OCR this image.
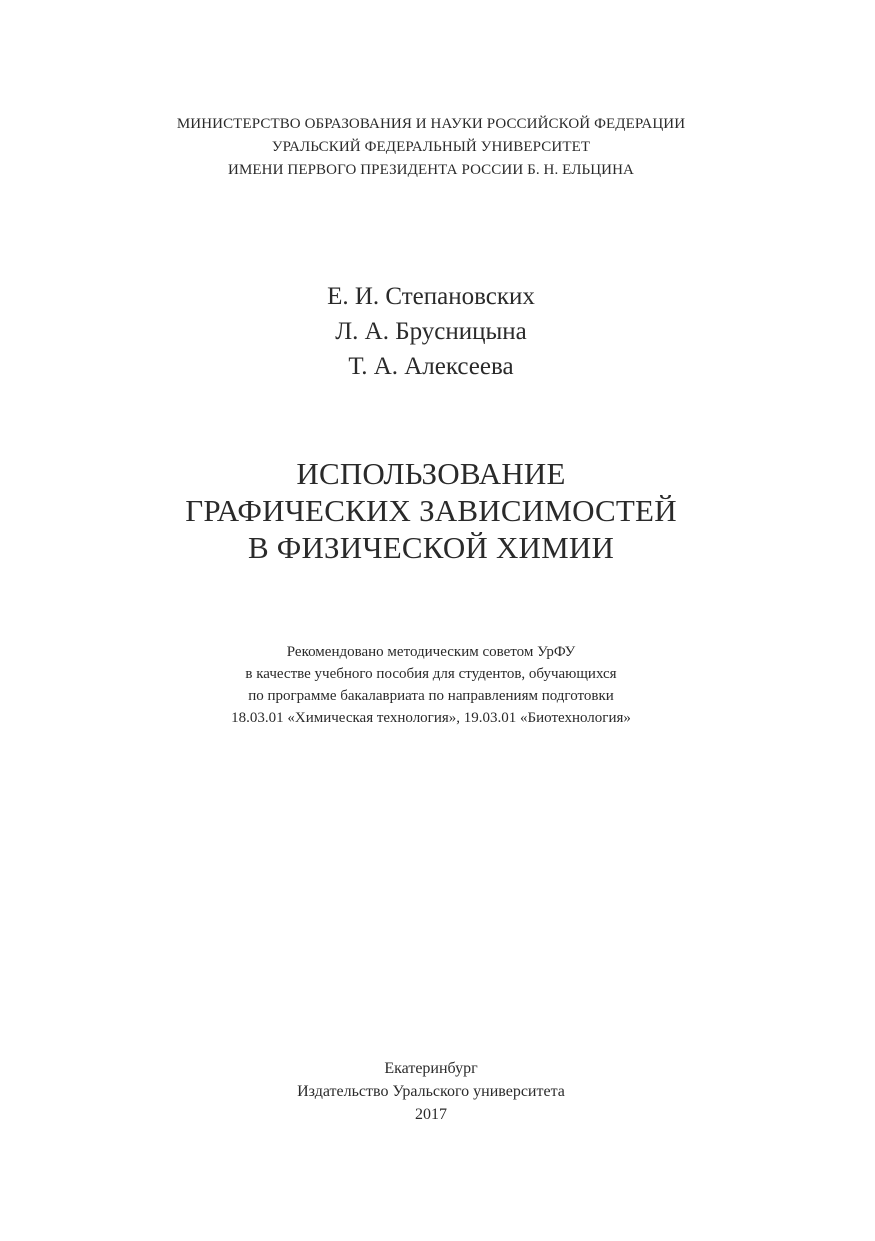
МИНИСТЕРСТВО ОБРАЗОВАНИЯ И НАУКИ РОССИЙСКОЙ ФЕДЕРАЦИИ
УРАЛЬСКИЙ ФЕДЕРАЛЬНЫЙ УНИВЕРСИТЕТ
ИМЕНИ ПЕРВОГО ПРЕЗИДЕНТА РОССИИ Б. Н. ЕЛЬЦИНА
Е. И. Степановских
Л. А. Брусницына
Т. А. Алексеева
ИСПОЛЬЗОВАНИЕ
ГРАФИЧЕСКИХ ЗАВИСИМОСТЕЙ
В ФИЗИЧЕСКОЙ ХИМИИ
Рекомендовано методическим советом УрФУ
в качестве учебного пособия для студентов, обучающихся
по программе бакалавриата по направлениям подготовки
18.03.01 «Химическая технология», 19.03.01 «Биотехнология»
Екатеринбург
Издательство Уральского университета
2017
